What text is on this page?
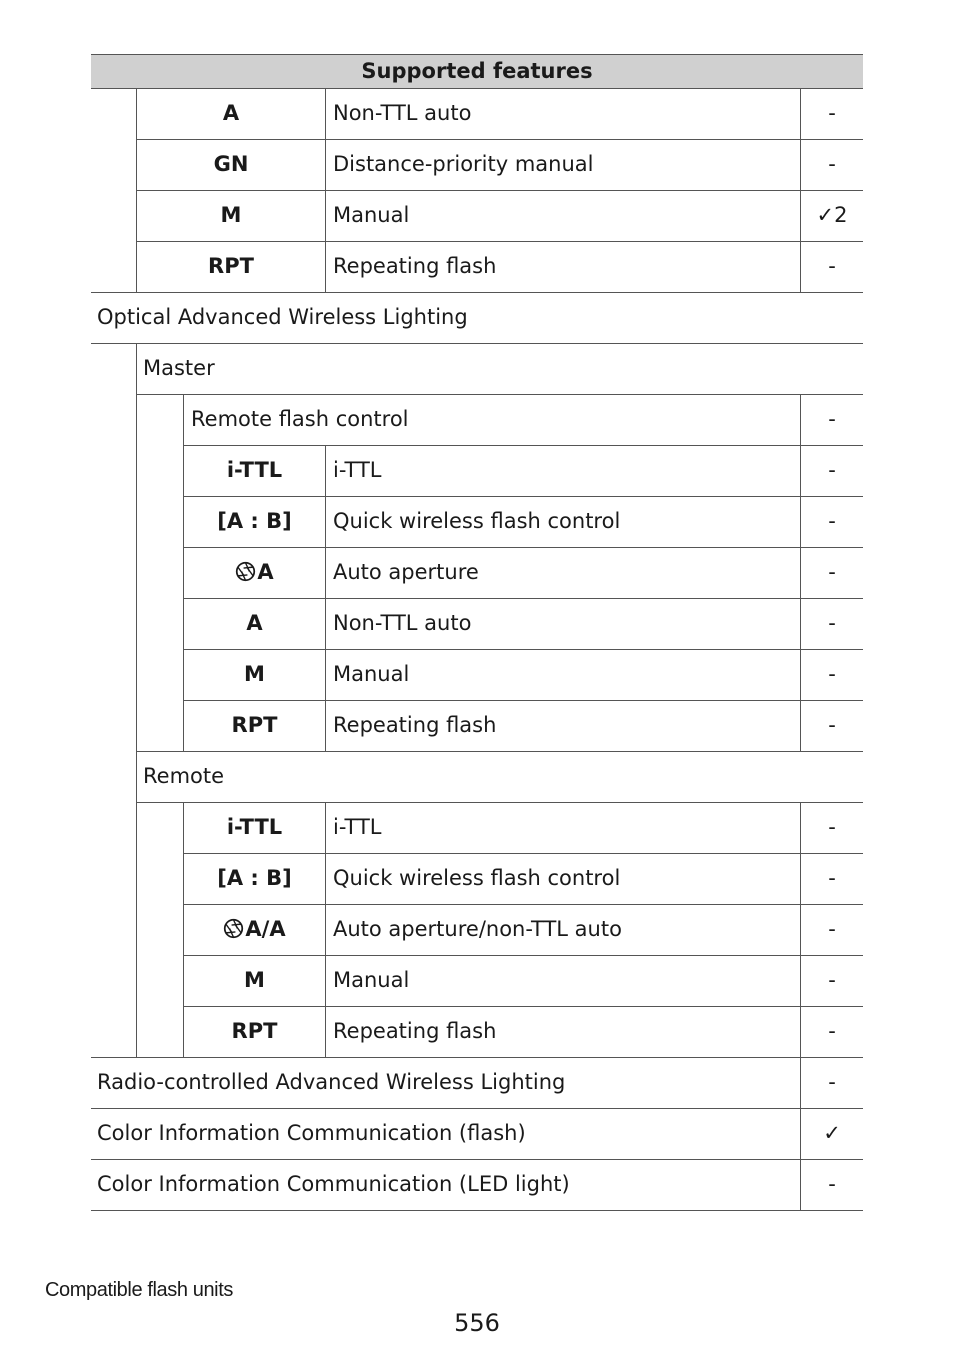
Supported features
A	Non-TTL auto	-
GN	Distance-priority manual	-
M	Manual	✓2
RPT	Repeating flash	-
Optical Advanced Wireless Lighting
Master
Remote flash control	-
i-TTL	i-TTL	-
[A : B]	Quick wireless flash control	-
A	Auto aperture	-
A	Non-TTL auto	-
M	Manual	-
RPT	Repeating flash	-
Remote
i-TTL	i-TTL	-
[A : B]	Quick wireless flash control	-
A/A	Auto aperture/non-TTL auto	-
M	Manual	-
RPT	Repeating flash	-
Radio-controlled Advanced Wireless Lighting	-
Color Information Communication (flash)	✓
Color Information Communication (LED light)	-
Compatible flash units
556
